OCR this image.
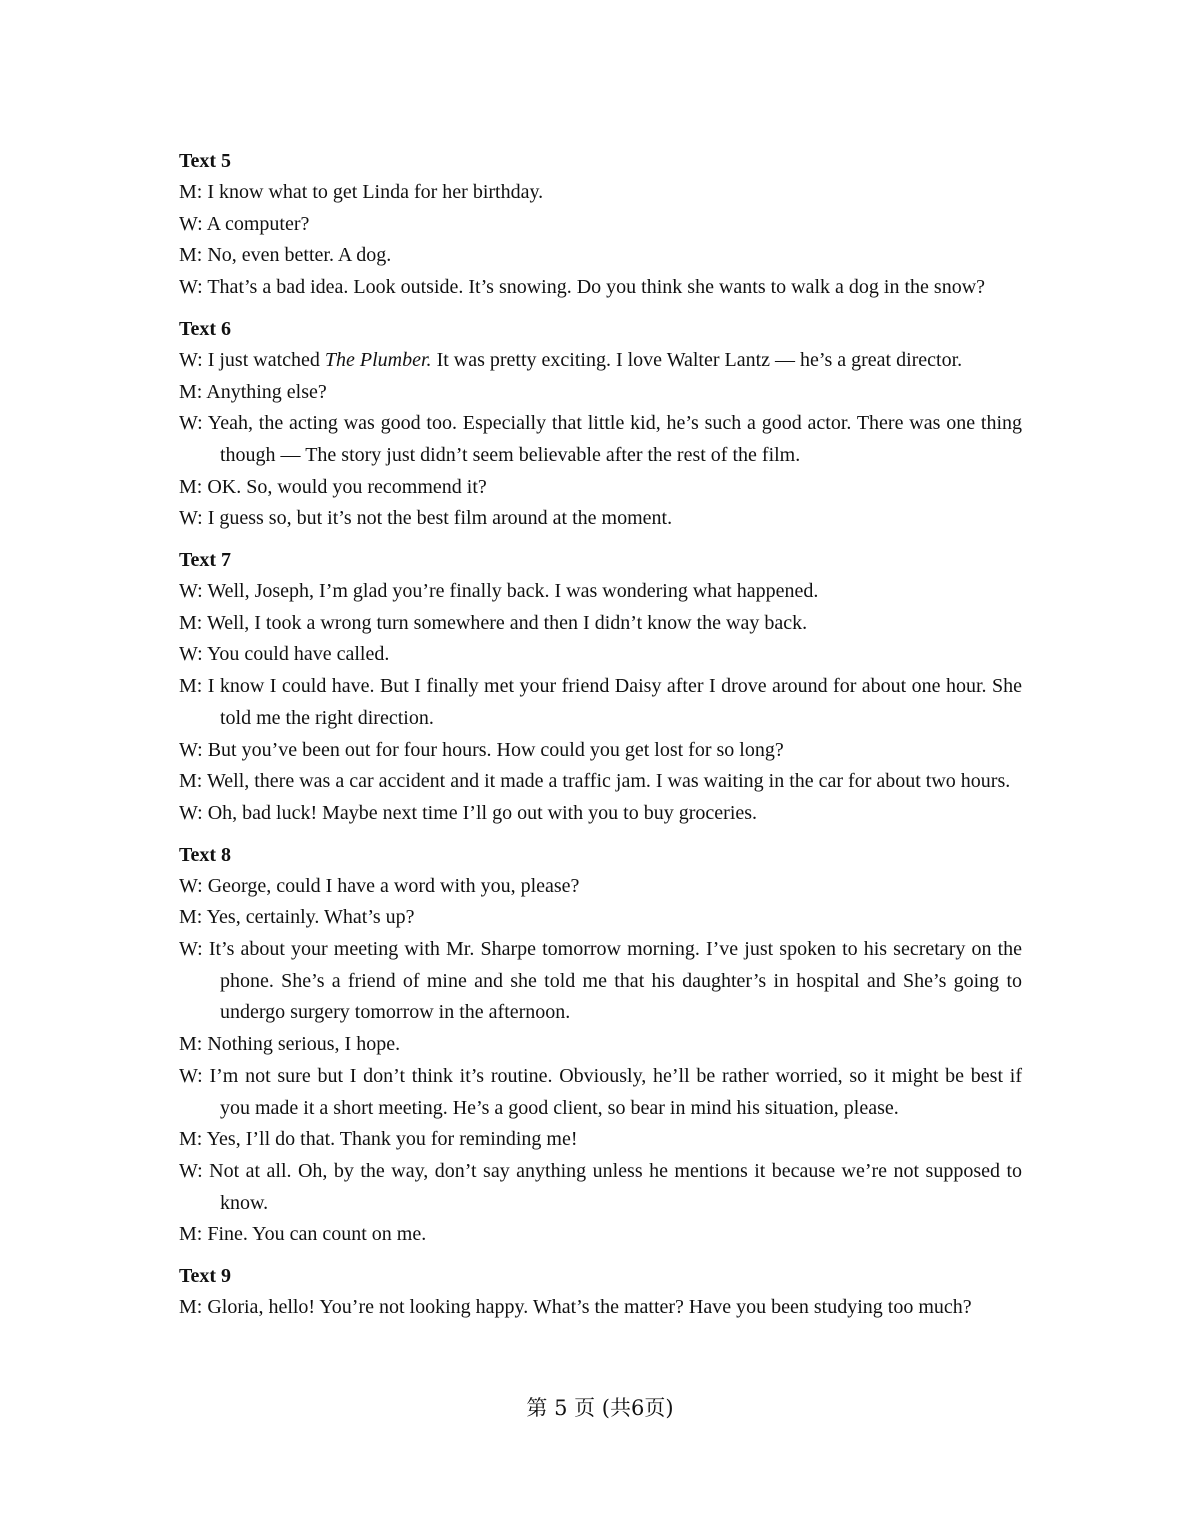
Text 5

M: I know what to get Linda for her birthday.

W: A computer?

M: No, even better. A dog.

W: That’s a bad idea. Look outside. It’s snowing. Do you think she wants to walk a dog in the snow?

Text 6

W: I just watched The Plumber. It was pretty exciting. I love Walter Lantz — he’s a great director.

M: Anything else?

W: Yeah, the acting was good too. Especially that little kid, he’s such a good actor. There was one thing though — The story just didn’t seem believable after the rest of the film.

M: OK. So, would you recommend it?

W: I guess so, but it’s not the best film around at the moment.

Text 7

W: Well, Joseph, I’m glad you’re finally back. I was wondering what happened.

M: Well, I took a wrong turn somewhere and then I didn’t know the way back.

W: You could have called.

M: I know I could have. But I finally met your friend Daisy after I drove around for about one hour. She told me the right direction.

W: But you’ve been out for four hours. How could you get lost for so long?

M: Well, there was a car accident and it made a traffic jam. I was waiting in the car for about two hours.

W: Oh, bad luck! Maybe next time I’ll go out with you to buy groceries.

Text 8

W: George, could I have a word with you, please?

M: Yes, certainly. What’s up?

W: It’s about your meeting with Mr. Sharpe tomorrow morning. I’ve just spoken to his secretary on the phone. She’s a friend of mine and she told me that his daughter’s in hospital and She’s going to undergo surgery tomorrow in the afternoon.

M: Nothing serious, I hope.

W: I’m not sure but I don’t think it’s routine. Obviously, he’ll be rather worried, so it might be best if you made it a short meeting. He’s a good client, so bear in mind his situation, please.

M: Yes, I’ll do that. Thank you for reminding me!

W: Not at all. Oh, by the way, don’t say anything unless he mentions it because we’re not supposed to know.

M: Fine. You can count on me.

Text 9

M: Gloria, hello! You’re not looking happy. What’s the matter? Have you been studying too much?

第 5 页 (共6页)
